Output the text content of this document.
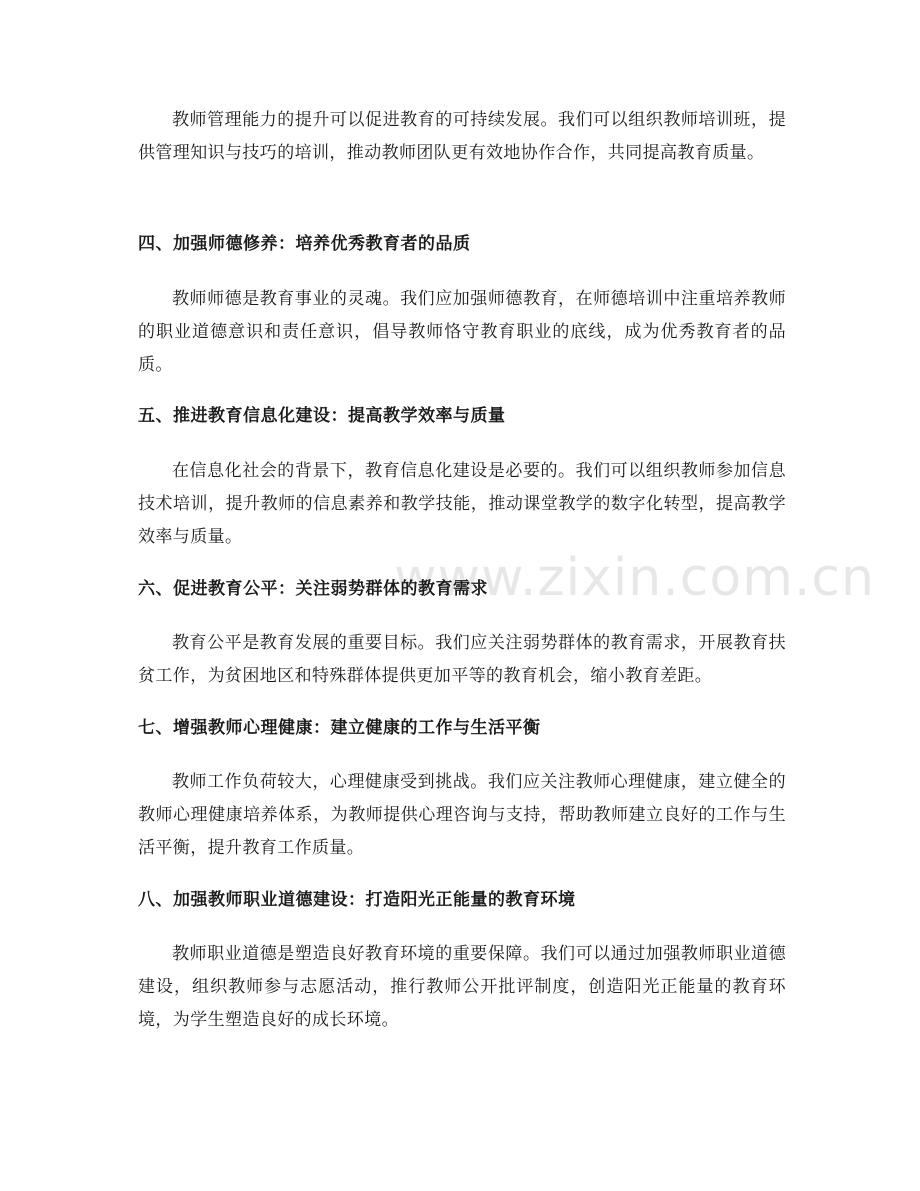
www.zixin.com.cn

教师管理能力的提升可以促进教育的可持续发展。我们可以组织教师培训班，提供管理知识与技巧的培训，推动教师团队更有效地协作合作，共同提高教育质量。

四、加强师德修养：培养优秀教育者的品质

教师师德是教育事业的灵魂。我们应加强师德教育，在师德培训中注重培养教师的职业道德意识和责任意识，倡导教师恪守教育职业的底线，成为优秀教育者的品质。

五、推进教育信息化建设：提高教学效率与质量

在信息化社会的背景下，教育信息化建设是必要的。我们可以组织教师参加信息技术培训，提升教师的信息素养和教学技能，推动课堂教学的数字化转型，提高教学效率与质量。

六、促进教育公平：关注弱势群体的教育需求

教育公平是教育发展的重要目标。我们应关注弱势群体的教育需求，开展教育扶贫工作，为贫困地区和特殊群体提供更加平等的教育机会，缩小教育差距。

七、增强教师心理健康：建立健康的工作与生活平衡

教师工作负荷较大，心理健康受到挑战。我们应关注教师心理健康，建立健全的教师心理健康培养体系，为教师提供心理咨询与支持，帮助教师建立良好的工作与生活平衡，提升教育工作质量。

八、加强教师职业道德建设：打造阳光正能量的教育环境

教师职业道德是塑造良好教育环境的重要保障。我们可以通过加强教师职业道德建设，组织教师参与志愿活动，推行教师公开批评制度，创造阳光正能量的教育环境，为学生塑造良好的成长环境。
